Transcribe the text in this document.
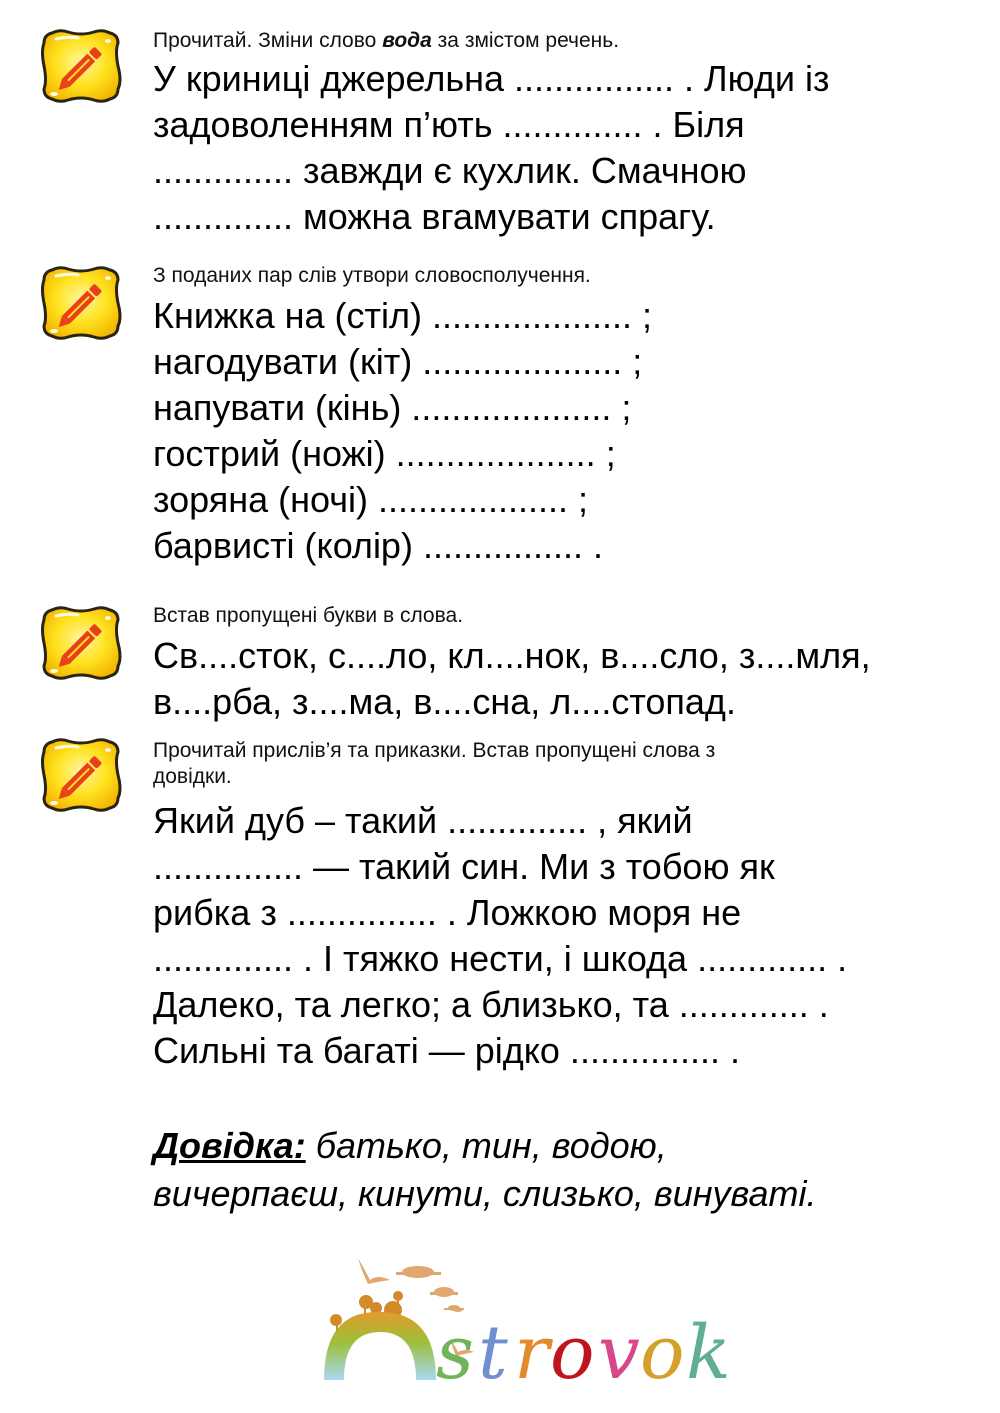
Прочитай. Зміни слово вода за змістом речень.
У криниці джерельна ................ . Люди із
задоволенням п’ють .............. . Біля
.............. завжди є кухлик. Смачною
.............. можна вгамувати спрагу.
З поданих пар слів утвори словосполучення.
Книжка на (стіл) .................... ;
нагодувати (кіт) .................... ;
напувати (кінь) .................... ;
гострий (ножі) .................... ;
зоряна (ночі) ................... ;
барвисті (колір) ................ .
Встав пропущені букви в слова.
Св....сток, с....ло, кл....нок, в....сло, з....мля,
в....рба, з....ма, в....сна, л....стопад.
Прочитай прислів’я та приказки. Встав пропущені слова з
довідки.
Який дуб – такий .............. , який
............... — такий син. Ми з тобою як
рибка з ............... . Ложкою моря не
.............. . І тяжко нести, і шкода ............. .
Далеко, та легко; а близько, та ............. .
Сильні та багаті — рідко ............... .
Довідка: батько, тин, водою,
вичерпаєш, кинути, слизько, винуваті.
s t r o v o k
